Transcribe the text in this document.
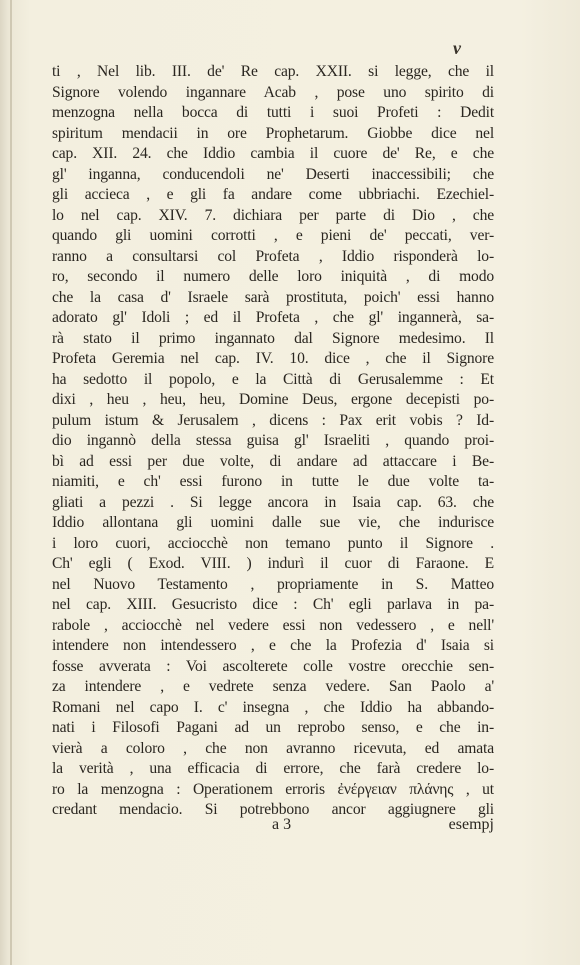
v
ti , Nel lib. III. de' Re cap. XXII. si legge, che il
Signore volendo ingannare Acab , pose uno spirito di
menzogna nella bocca di tutti i suoi Profeti : Dedit
spiritum mendacii in ore Prophetarum. Giobbe dice nel
cap. XII. 24. che Iddio cambia il cuore de' Re, e che
gl' inganna, conducendoli ne' Deserti inaccessibili; che
gli accieca , e gli fa andare come ubbriachi. Ezechiel-
lo nel cap. XIV. 7. dichiara per parte di Dio , che
quando gli uomini corrotti , e pieni de' peccati, ver-
ranno a consultarsi col Profeta , Iddio risponderà lo-
ro, secondo il numero delle loro iniquità , di modo
che la casa d' Israele sarà prostituta, poich' essi hanno
adorato gl' Idoli ; ed il Profeta , che gl' ingannerà, sa-
rà stato il primo ingannato dal Signore medesimo. Il
Profeta Geremia nel cap. IV. 10. dice , che il Signore
ha sedotto il popolo, e la Città di Gerusalemme : Et
dixi , heu , heu, heu, Domine Deus, ergone decepisti po-
pulum istum & Jerusalem , dicens : Pax erit vobis ? Id-
dio ingannò della stessa guisa gl' Israeliti , quando proi-
bì ad essi per due volte, di andare ad attaccare i Be-
niamiti, e ch' essi furono in tutte le due volte ta-
gliati a pezzi . Si legge ancora in Isaia cap. 63. che
Iddio allontana gli uomini dalle sue vie, che indurisce
i loro cuori, acciocchè non temano punto il Signore .
Ch' egli ( Exod. VIII. ) indurì il cuor di Faraone. E
nel Nuovo Testamento , propriamente in S. Matteo
nel cap. XIII. Gesucristo dice : Ch' egli parlava in pa-
rabole , acciocchè nel vedere essi non vedessero , e nell'
intendere non intendessero , e che la Profezia d' Isaia si
fosse avverata : Voi ascolterete colle vostre orecchie sen-
za intendere , e vedrete senza vedere. San Paolo a'
Romani nel capo I. c' insegna , che Iddio ha abbando-
nati i Filosofi Pagani ad un reprobo senso, e che in-
vierà a coloro , che non avranno ricevuta, ed amata
la verità , una efficacia di errore, che farà credere lo-
ro la menzogna : Operationem erroris ἐνέργειαν πλάνης , ut
credant mendacio. Si potrebbono ancor aggiugnere gli
a 3	esempj
